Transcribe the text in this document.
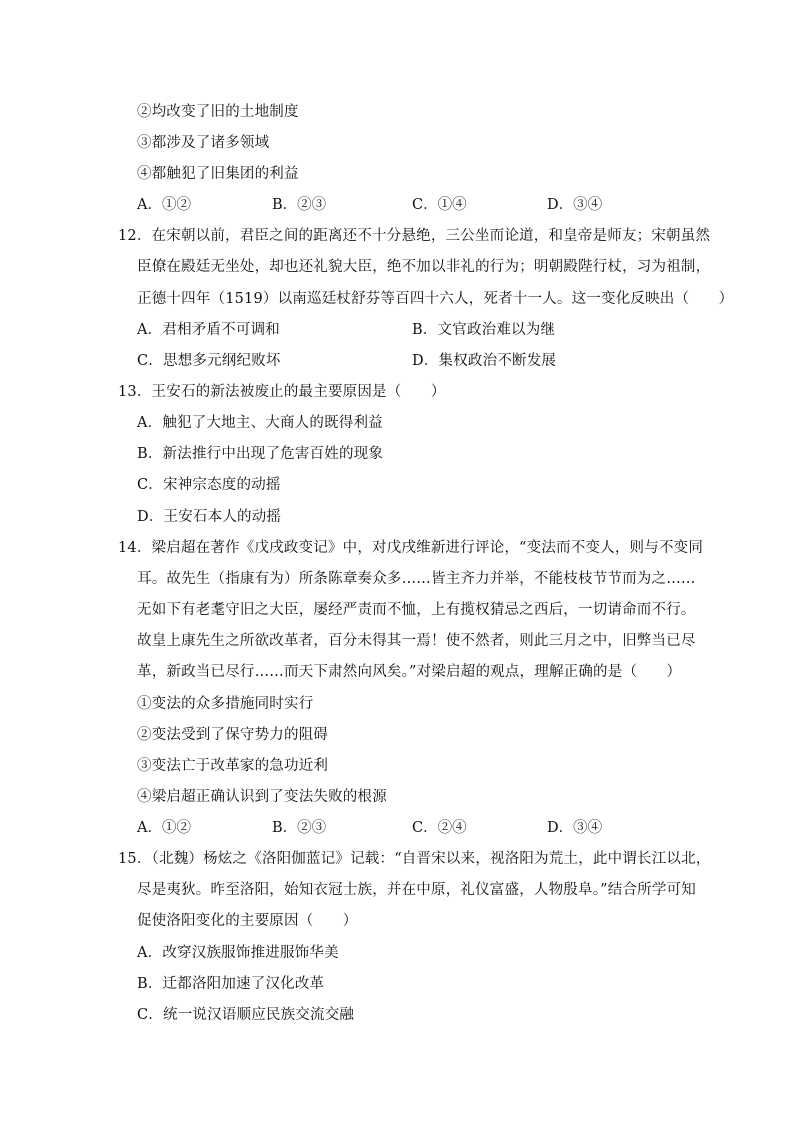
②均改变了旧的土地制度
③都涉及了诸多领域
④都触犯了旧集团的利益
A．①②	B．②③	C．①④	D．③④
12．在宋朝以前，君臣之间的距离还不十分悬绝，三公坐而论道，和皇帝是师友；宋朝虽然
臣僚在殿廷无坐处，却也还礼貌大臣，绝不加以非礼的行为；明朝殿陛行杖，习为祖制，
正德十四年（1519）以南巡廷杖舒芬等百四十六人，死者十一人。这一变化反映出（　　）
A．君相矛盾不可调和	B．文官政治难以为继
C．思想多元纲纪败坏	D．集权政治不断发展
13．王安石的新法被废止的最主要原因是（　　）
A．触犯了大地主、大商人的既得利益
B．新法推行中出现了危害百姓的现象
C．宋神宗态度的动摇
D．王安石本人的动摇
14．梁启超在著作《戊戌政变记》中，对戊戌维新进行评论，“变法而不变人，则与不变同
耳。故先生（指康有为）所条陈章奏众多……皆主齐力并举，不能枝枝节节而为之……
无如下有老耄守旧之大臣，屡经严责而不恤，上有揽权猜忌之西后，一切请命而不行。
故皇上康先生之所欲改革者，百分未得其一焉！使不然者，则此三月之中，旧弊当已尽
革，新政当已尽行……而天下肃然向风矣。”对梁启超的观点，理解正确的是（　　）
①变法的众多措施同时实行
②变法受到了保守势力的阻碍
③变法亡于改革家的急功近利
④梁启超正确认识到了变法失败的根源
A．①②	B．②③	C．②④	D．③④
15．（北魏）杨炫之《洛阳伽蓝记》记载：“自晋宋以来，视洛阳为荒土，此中谓长江以北，
尽是夷狄。昨至洛阳，始知衣冠士族，并在中原，礼仪富盛，人物殷阜。”结合所学可知
促使洛阳变化的主要原因（　　）
A．改穿汉族服饰推进服饰华美
B．迁都洛阳加速了汉化改革
C．统一说汉语顺应民族交流交融
